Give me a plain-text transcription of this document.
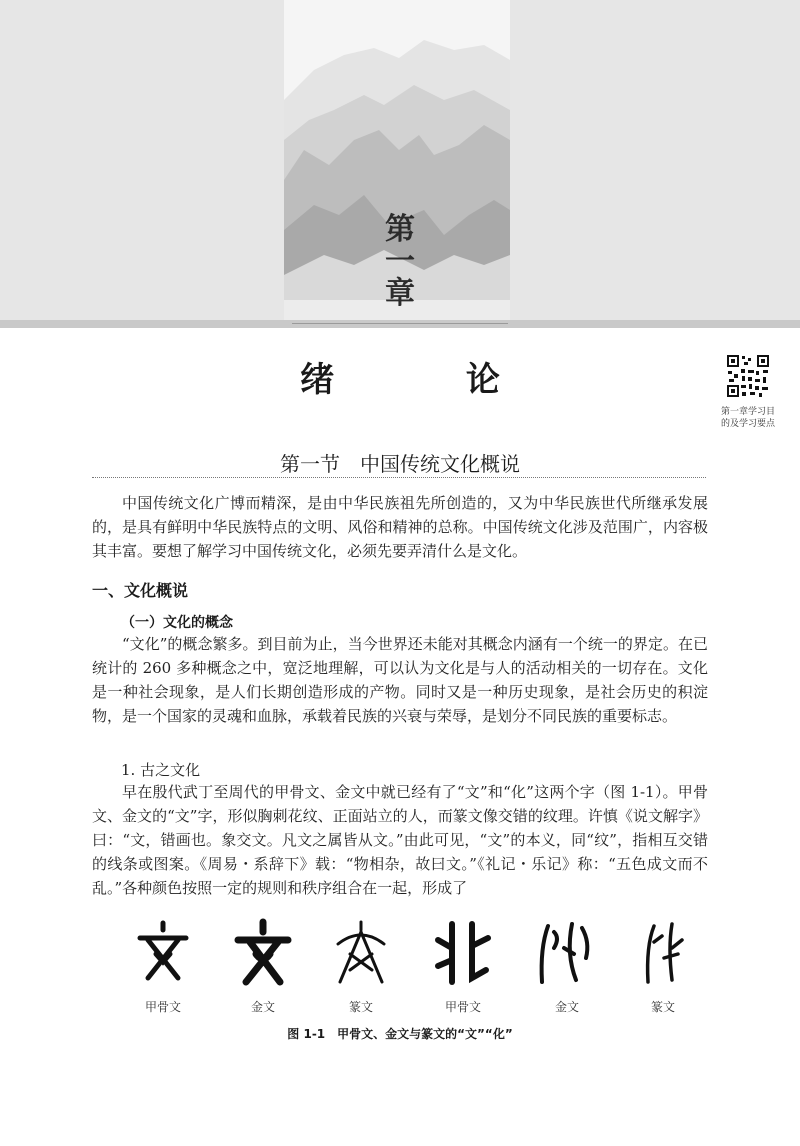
第
一
章
绪 论
第一章学习目的及学习要点
第一节　中国传统文化概说
中国传统文化广博而精深，是由中华民族祖先所创造的，又为中华民族世代所继承发展的，是具有鲜明中华民族特点的文明、风俗和精神的总称。中国传统文化涉及范围广，内容极其丰富。要想了解学习中国传统文化，必须先要弄清什么是文化。
一、文化概说
（一）文化的概念
“文化”的概念繁多。到目前为止，当今世界还未能对其概念内涵有一个统一的界定。在已统计的 260 多种概念之中，宽泛地理解，可以认为文化是与人的活动相关的一切存在。文化是一种社会现象，是人们长期创造形成的产物。同时又是一种历史现象，是社会历史的积淀物，是一个国家的灵魂和血脉，承载着民族的兴衰与荣辱，是划分不同民族的重要标志。
1. 古之文化
早在殷代武丁至周代的甲骨文、金文中就已经有了“文”和“化”这两个字（图 1-1）。甲骨文、金文的“文”字，形似胸刺花纹、正面站立的人，而篆文像交错的纹理。许慎《说文解字》曰：“文，错画也。象交文。凡文之属皆从文。”由此可见，“文”的本义，同“纹”，指相互交错的线条或图案。《周易・系辞下》载：“物相杂，故曰文。”《礼记・乐记》称：“五色成文而不乱。”各种颜色按照一定的规则和秩序组合在一起，形成了
甲骨文	金文	篆文	甲骨文	金文	篆文
图 1-1　甲骨文、金文与篆文的“文”“化”
